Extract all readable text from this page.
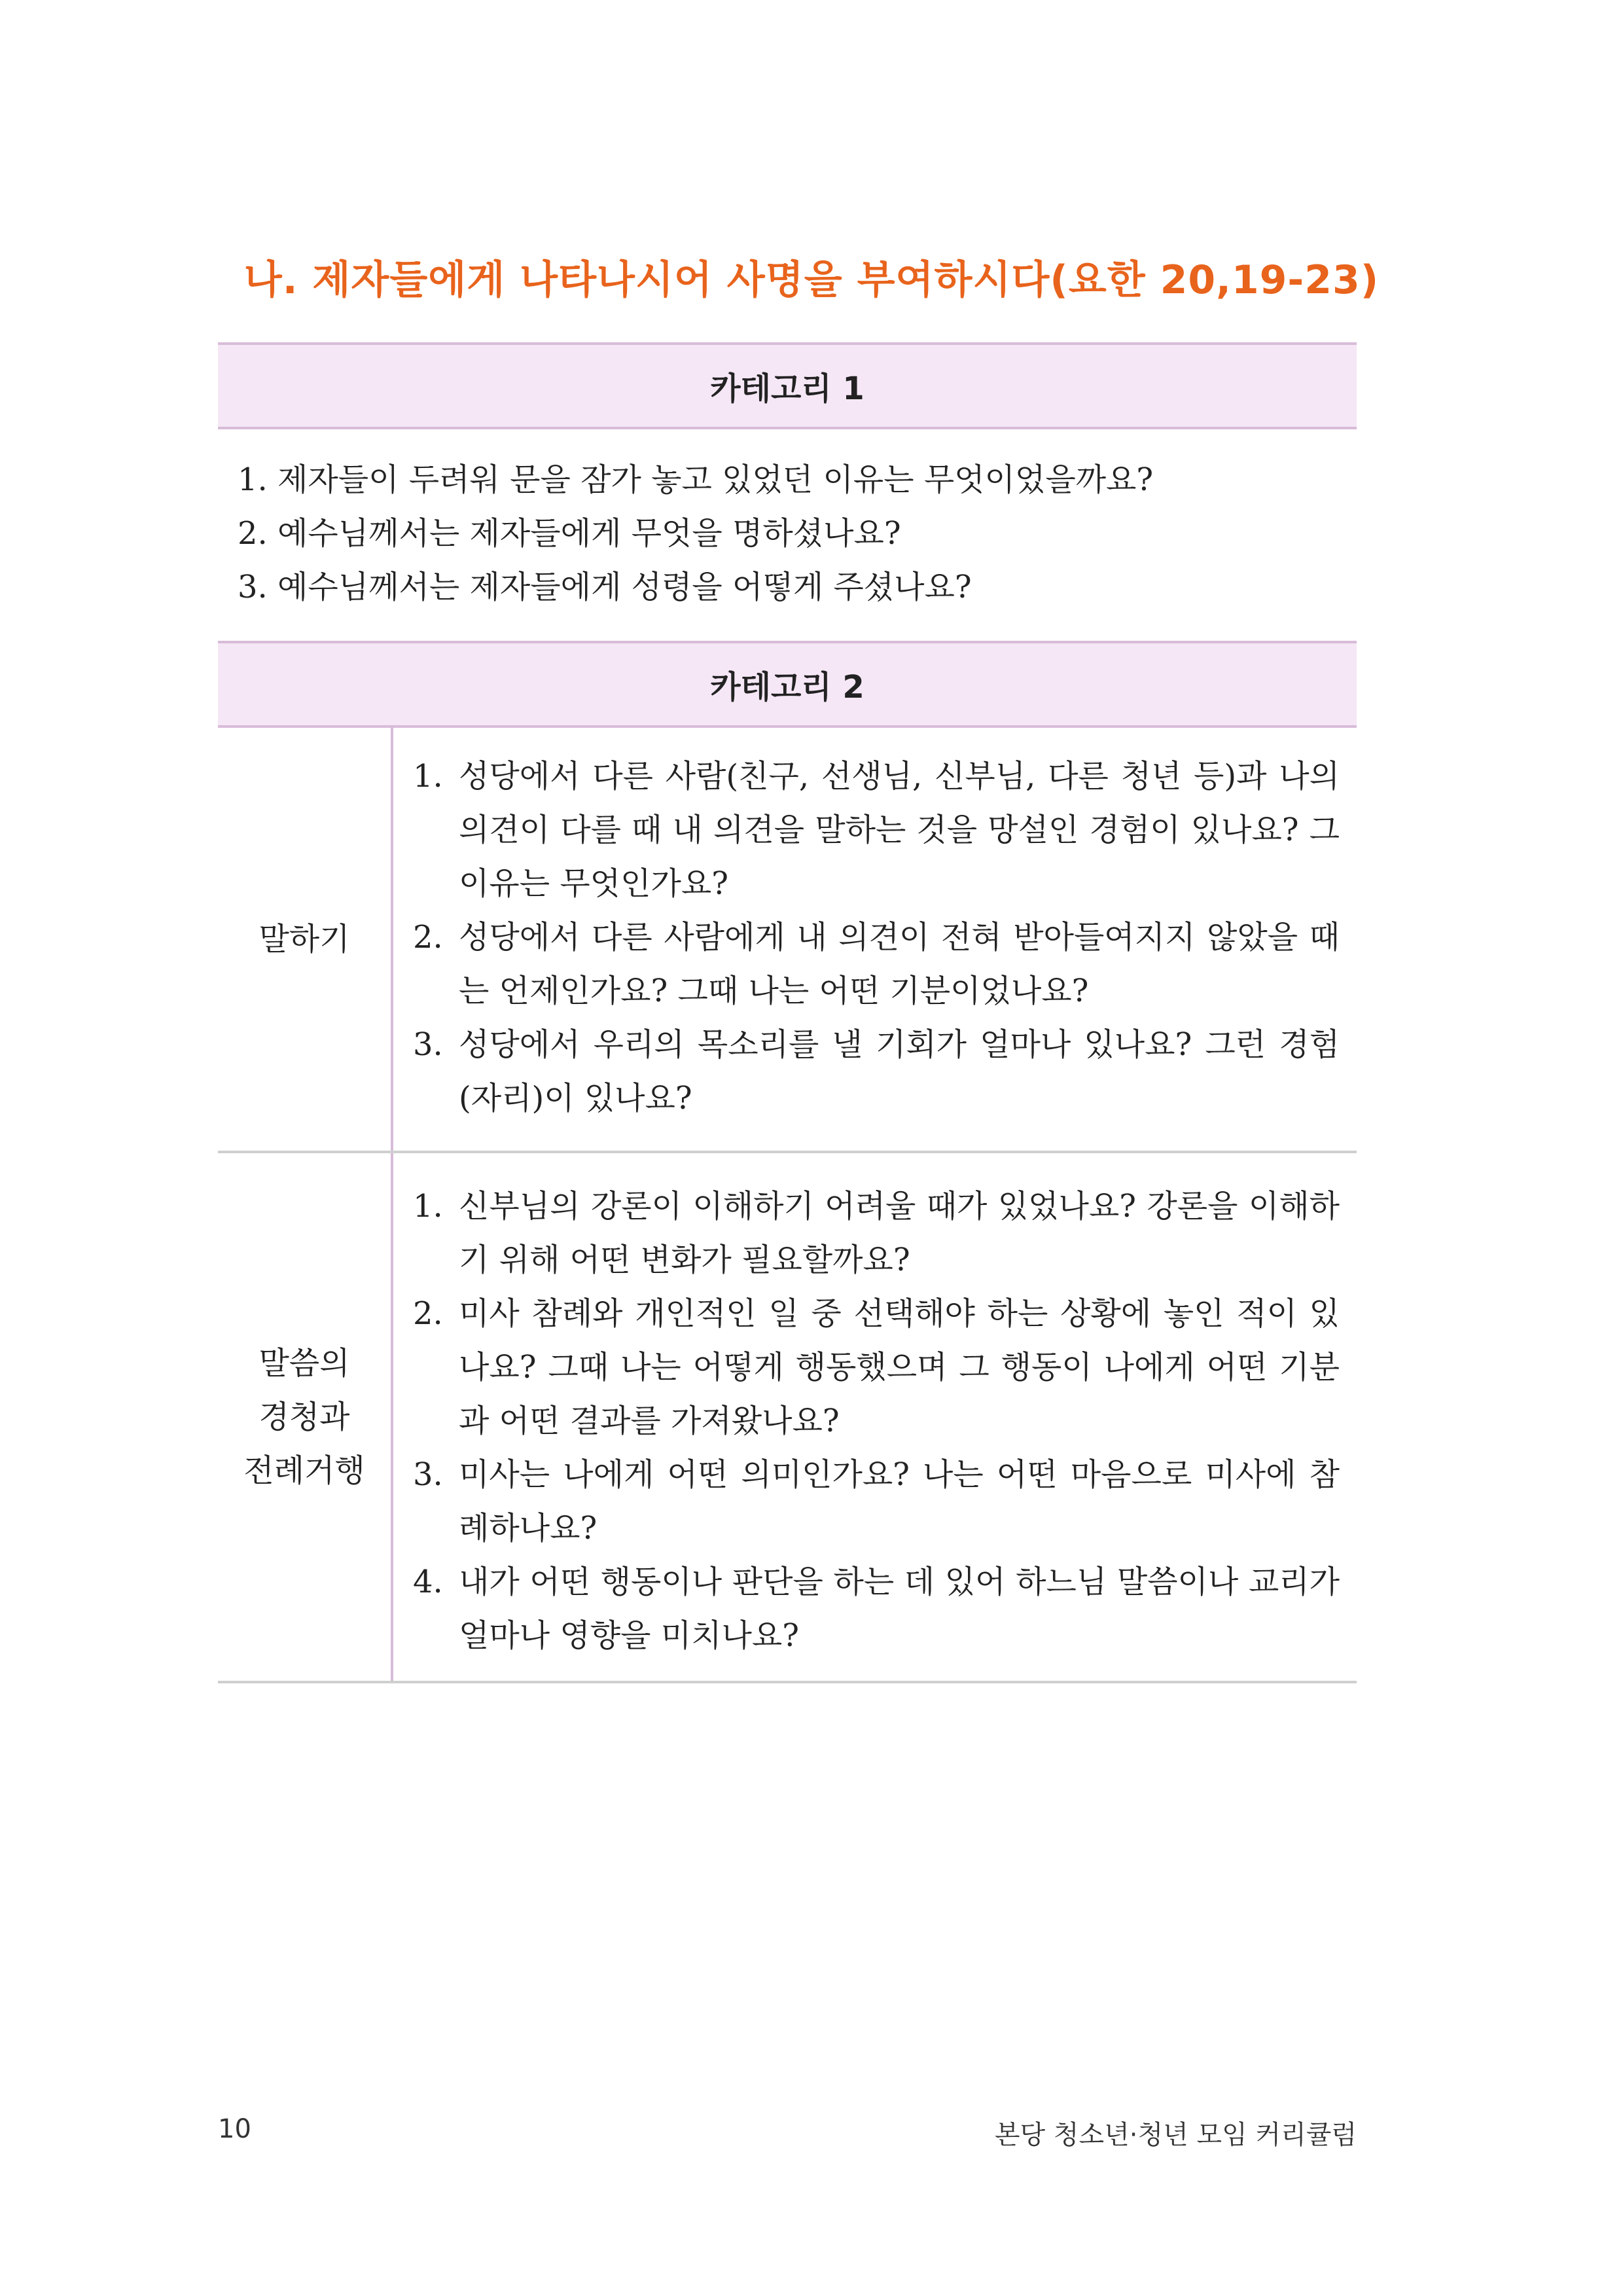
나. 제자들에게 나타나시어 사명을 부여하시다(요한 20,19-23)
카테고리 1
1. 제자들이 두려워 문을 잠가 놓고 있었던 이유는 무엇이었을까요?
2. 예수님께서는 제자들에게 무엇을 명하셨나요?
3. 예수님께서는 제자들에게 성령을 어떻게 주셨나요?
카테고리 2
말하기
1. 성당에서 다른 사람(친구, 선생님, 신부님, 다른 청년 등)과 나의 의견이 다를 때 내 의견을 말하는 것을 망설인 경험이 있나요? 그 이유는 무엇인가요?
2. 성당에서 다른 사람에게 내 의견이 전혀 받아들여지지 않았을 때는 언제인가요? 그때 나는 어떤 기분이었나요?
3. 성당에서 우리의 목소리를 낼 기회가 얼마나 있나요? 그런 경험(자리)이 있나요?
말씀의
경청과
전례거행
1. 신부님의 강론이 이해하기 어려울 때가 있었나요? 강론을 이해하기 위해 어떤 변화가 필요할까요?
2. 미사 참례와 개인적인 일 중 선택해야 하는 상황에 놓인 적이 있나요? 그때 나는 어떻게 행동했으며 그 행동이 나에게 어떤 기분과 어떤 결과를 가져왔나요?
3. 미사는 나에게 어떤 의미인가요? 나는 어떤 마음으로 미사에 참례하나요?
4. 내가 어떤 행동이나 판단을 하는 데 있어 하느님 말씀이나 교리가 얼마나 영향을 미치나요?
10	본당 청소년·청년 모임 커리큘럼
